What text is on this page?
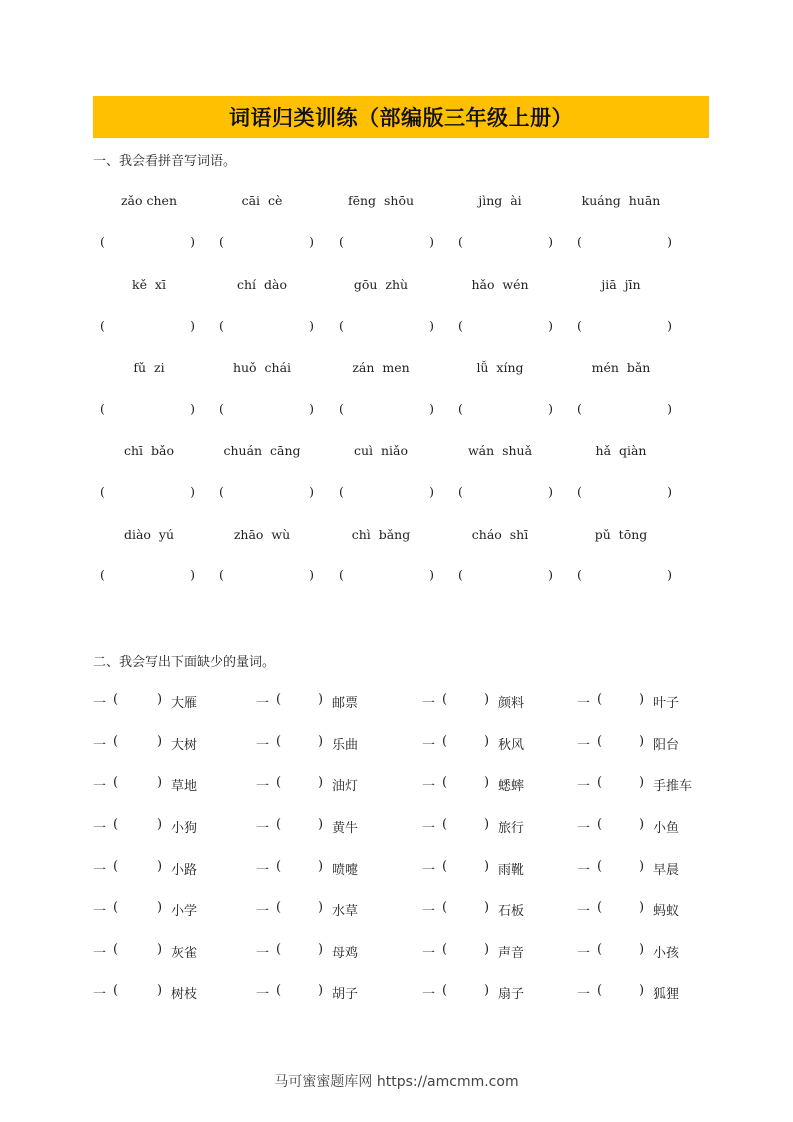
词语归类训练（部编版三年级上册）
一、我会看拼音写词语。
zǎo chen	cāi  cè	fēng  shōu	jìng  ài	kuáng  huān
(	) (	) (	) (	) (	)
kě  xī	chí  dào	gōu  zhù	hǎo  wén	jiā  jīn
(	) (	) (	) (	) (	)
fǔ  zi	huǒ  chái	zán  men	lǚ  xíng	mén  bǎn
(	) (	) (	) (	) (	)
chī  bǎo	chuán  cāng	cuì  niǎo	wán  shuǎ	hǎ  qiàn
(	) (	) (	) (	) (	)
diào  yú	zhāo  wù	chì  bǎng	cháo  shī	pǔ  tōng
(	) (	) (	) (	) (	)
二、我会写出下面缺少的量词。
一 (	) 大雁	一 (	) 邮票	一 (	) 颜料	一 (	) 叶子
一 (	) 大树	一 (	) 乐曲	一 (	) 秋风	一 (	) 阳台
一 (	) 草地	一 (	) 油灯	一 (	) 蟋蟀	一 (	) 手推车
一 (	) 小狗	一 (	) 黄牛	一 (	) 旅行	一 (	) 小鱼
一 (	) 小路	一 (	) 喷嚏	一 (	) 雨靴	一 (	) 早晨
一 (	) 小学	一 (	) 水草	一 (	) 石板	一 (	) 蚂蚁
一 (	) 灰雀	一 (	) 母鸡	一 (	) 声音	一 (	) 小孩
一 (	) 树枝	一 (	) 胡子	一 (	) 扇子	一 (	) 狐狸
马可蜜蜜题库网 https://amcmm.com
